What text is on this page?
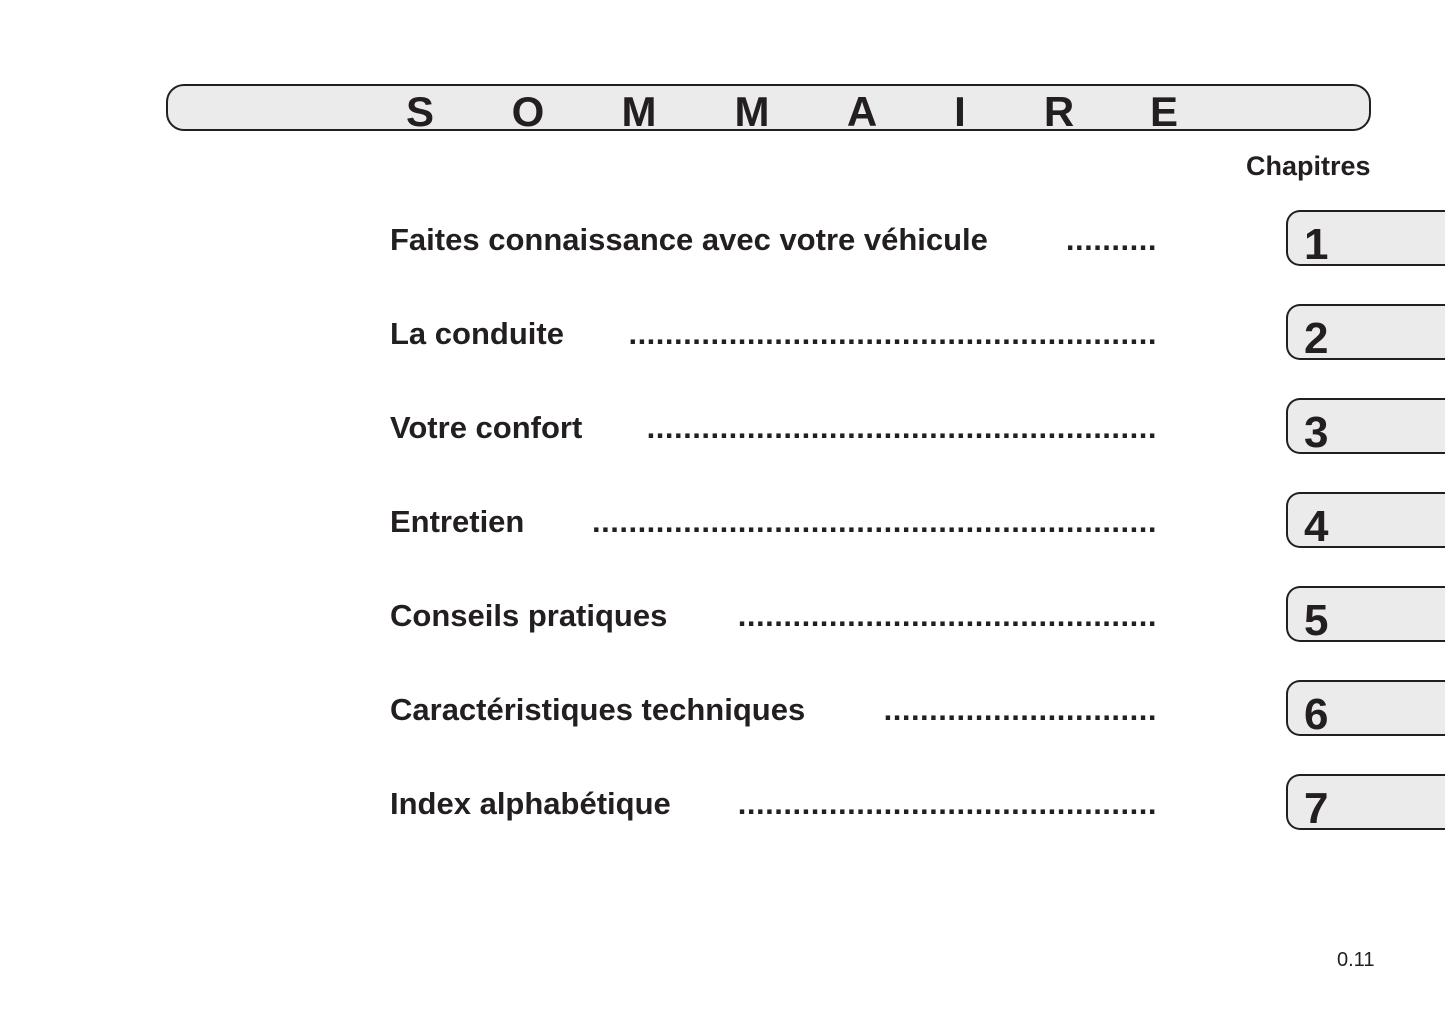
S O M M A I R E
Chapitres
Faites connaissance avec votre véhicule	..........	1
La conduite ..........................................................	2
Votre confort ........................................................	3
Entretien ..............................................................	4
Conseils pratiques ..............................................	5
Caractéristiques techniques	..............................	6
Index alphabétique ..............................................	7
0.11
